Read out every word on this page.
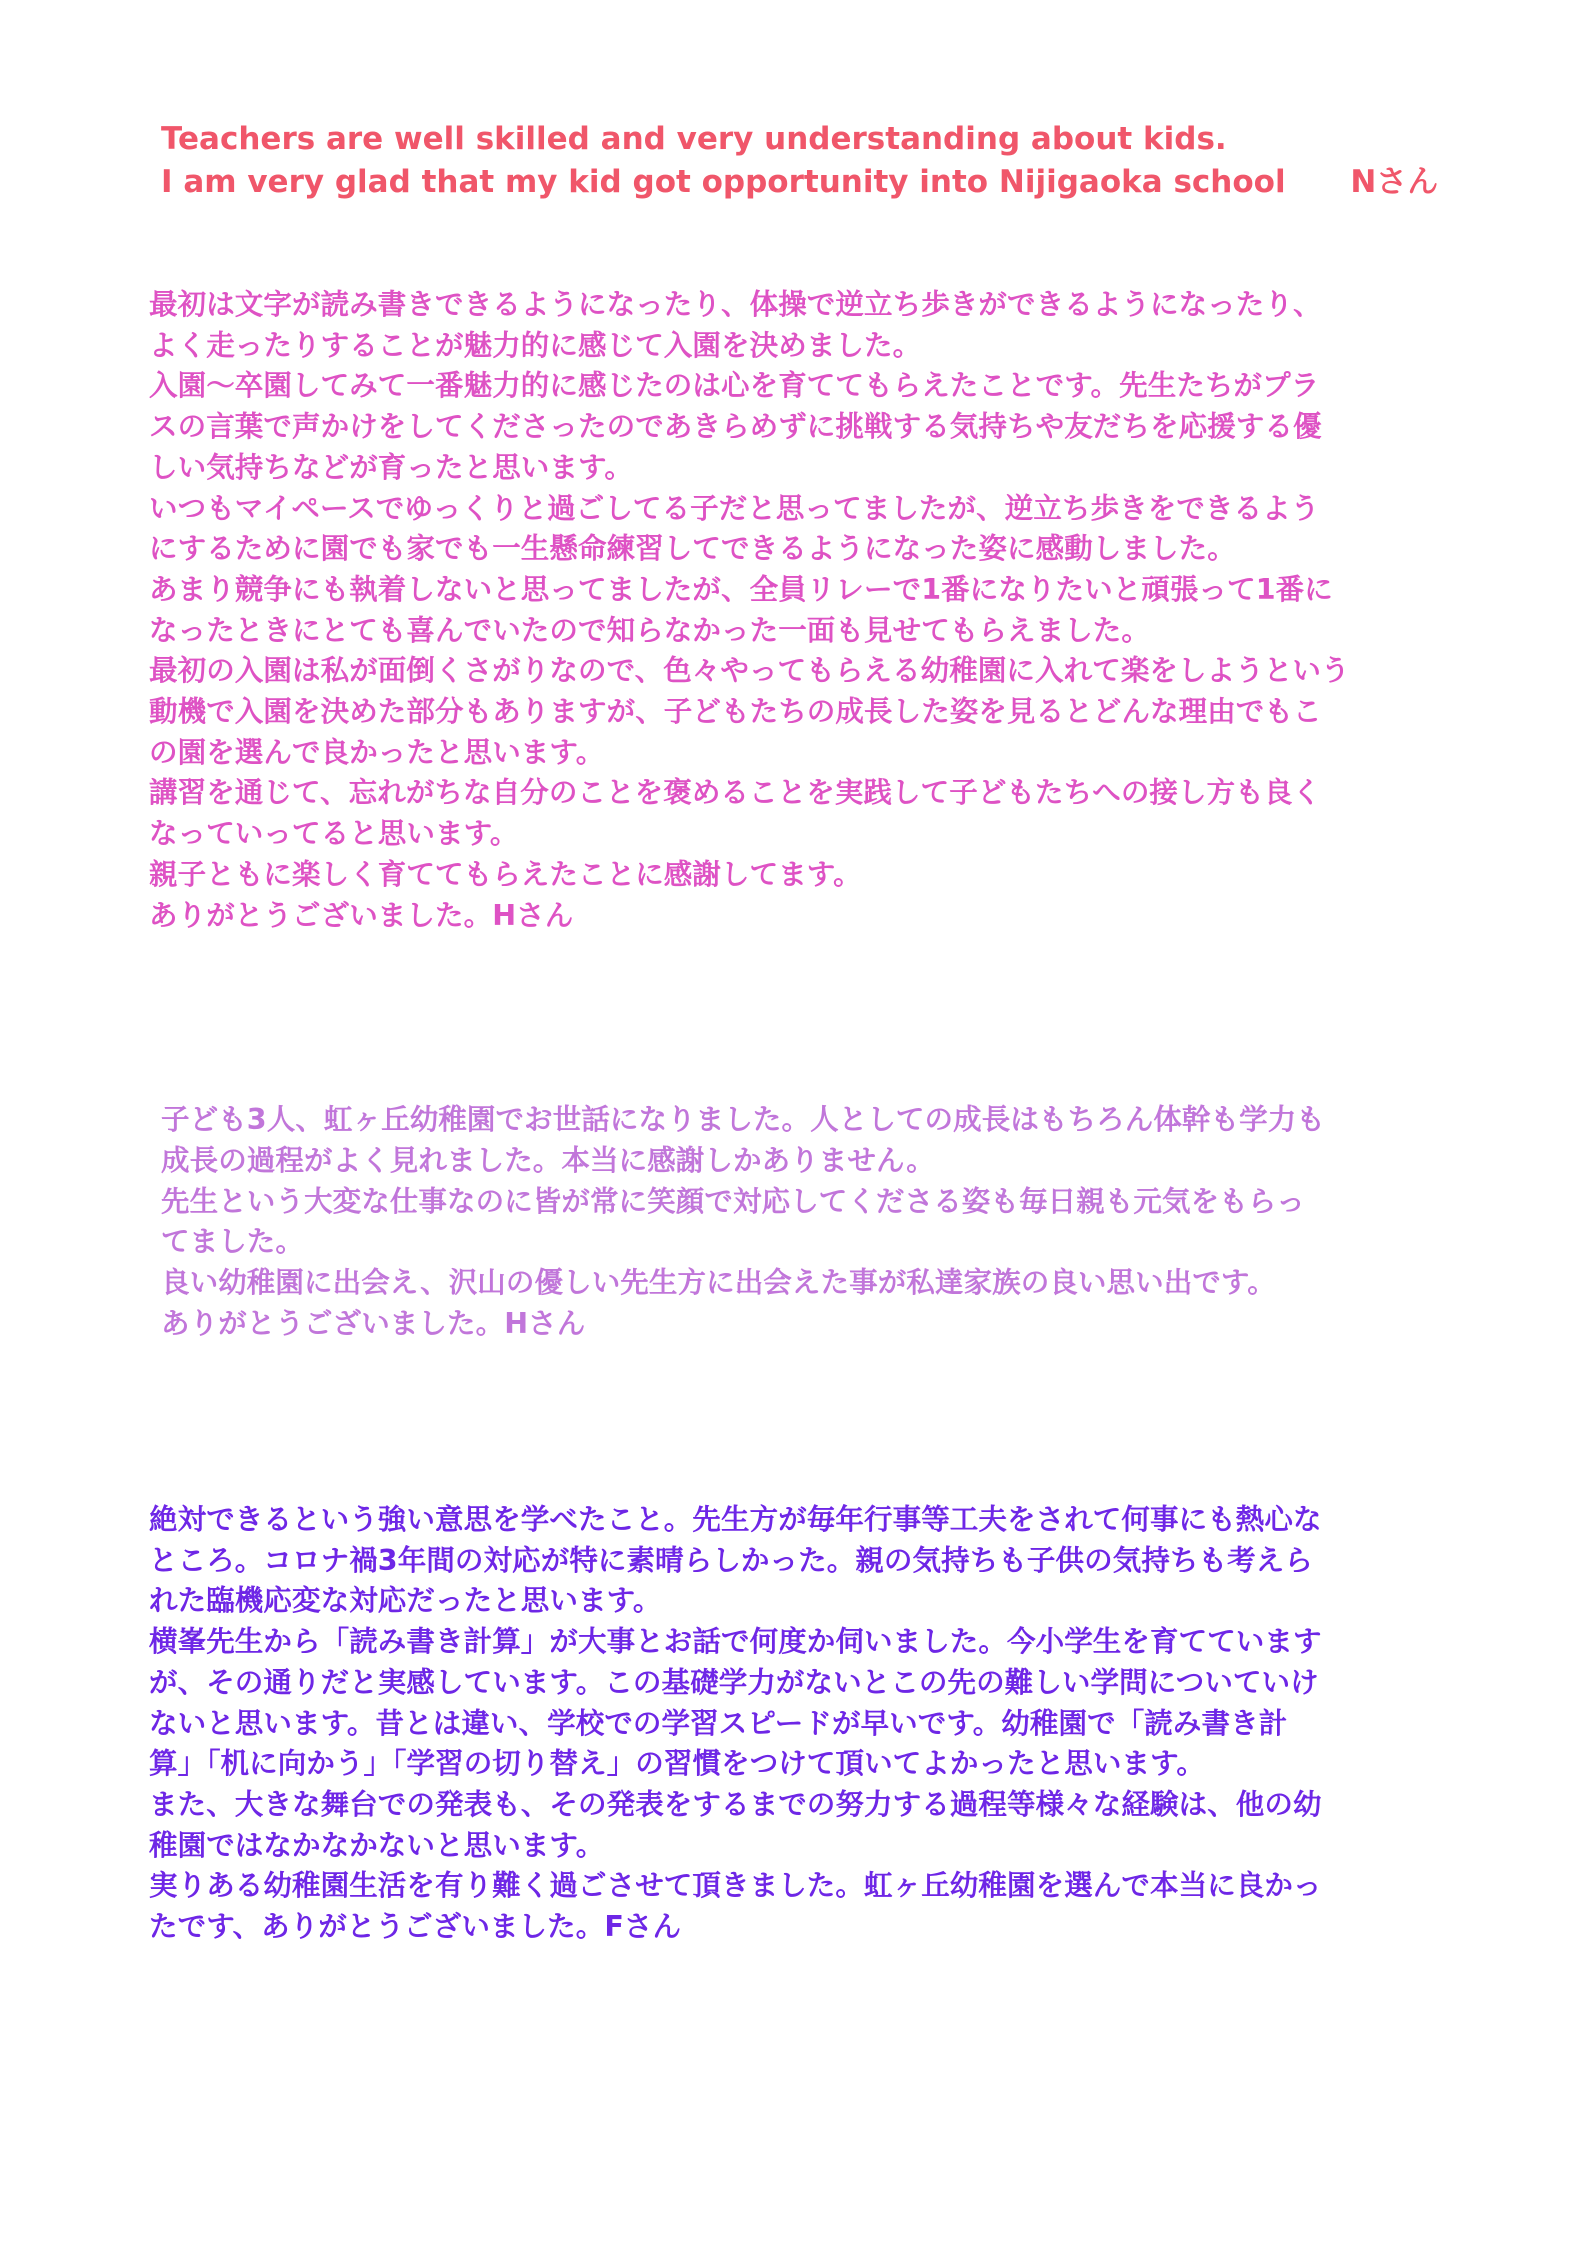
Teachers are well skilled and very understanding about kids.
I am very glad that my kid got opportunity into Nijigaoka school      Nさん
最初は文字が読み書きできるようになったり、体操で逆立ち歩きができるようになったり、
よく走ったりすることが魅力的に感じて入園を決めました。
入園〜卒園してみて一番魅力的に感じたのは心を育ててもらえたことです。先生たちがプラ
スの言葉で声かけをしてくださったのであきらめずに挑戦する気持ちや友だちを応援する優
しい気持ちなどが育ったと思います。
いつもマイペースでゆっくりと過ごしてる子だと思ってましたが、逆立ち歩きをできるよう
にするために園でも家でも一生懸命練習してできるようになった姿に感動しました。
あまり競争にも執着しないと思ってましたが、全員リレーで1番になりたいと頑張って1番に
なったときにとても喜んでいたので知らなかった一面も見せてもらえました。
最初の入園は私が面倒くさがりなので、色々やってもらえる幼稚園に入れて楽をしようという
動機で入園を決めた部分もありますが、子どもたちの成長した姿を見るとどんな理由でもこ
の園を選んで良かったと思います。
講習を通じて、忘れがちな自分のことを褒めることを実践して子どもたちへの接し方も良く
なっていってると思います。
親子ともに楽しく育ててもらえたことに感謝してます。
ありがとうございました。Hさん
子ども3人、虹ヶ丘幼稚園でお世話になりました。人としての成長はもちろん体幹も学力も
成長の過程がよく見れました。本当に感謝しかありません。
先生という大変な仕事なのに皆が常に笑顔で対応してくださる姿も毎日親も元気をもらっ
てました。
良い幼稚園に出会え、沢山の優しい先生方に出会えた事が私達家族の良い思い出です。
ありがとうございました。Hさん
絶対できるという強い意思を学べたこと。先生方が毎年行事等工夫をされて何事にも熱心な
ところ。コロナ禍3年間の対応が特に素晴らしかった。親の気持ちも子供の気持ちも考えら
れた臨機応変な対応だったと思います。
横峯先生から「読み書き計算」が大事とお話で何度か伺いました。今小学生を育てています
が、その通りだと実感しています。この基礎学力がないとこの先の難しい学問についていけ
ないと思います。昔とは違い、学校での学習スピードが早いです。幼稚園で「読み書き計
算」「机に向かう」「学習の切り替え」の習慣をつけて頂いてよかったと思います。
また、大きな舞台での発表も、その発表をするまでの努力する過程等様々な経験は、他の幼
稚園ではなかなかないと思います。
実りある幼稚園生活を有り難く過ごさせて頂きました。虹ヶ丘幼稚園を選んで本当に良かっ
たです、ありがとうございました。Fさん
